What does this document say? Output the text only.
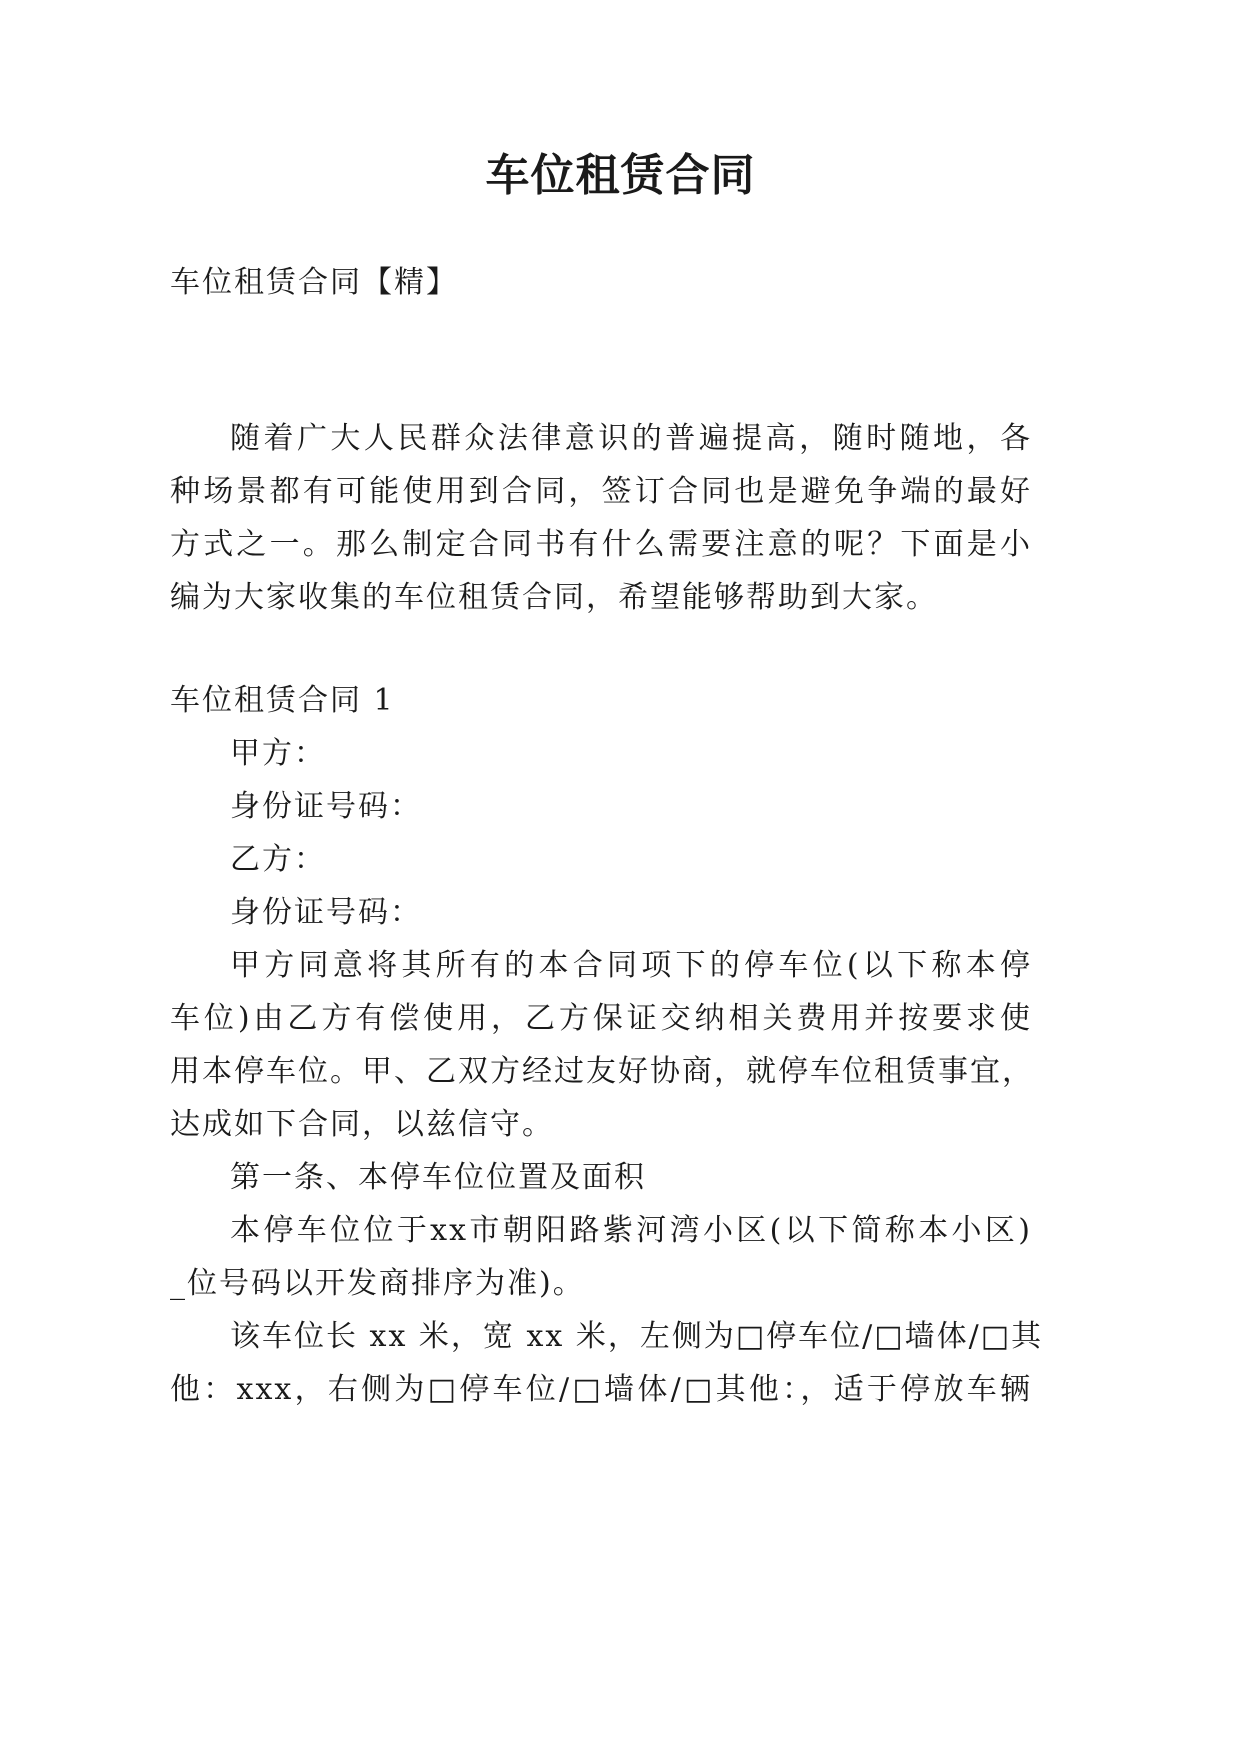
车位租赁合同
车位租赁合同【精】
随着广大人民群众法律意识的普遍提高，随时随地，各
种场景都有可能使用到合同，签订合同也是避免争端的最好
方式之一。那么制定合同书有什么需要注意的呢？下面是小
编为大家收集的车位租赁合同，希望能够帮助到大家。
车位租赁合同 1
甲方：
身份证号码：
乙方：
身份证号码：
甲方同意将其所有的本合同项下的停车位(以下称本停
车位)由乙方有偿使用，乙方保证交纳相关费用并按要求使
用本停车位。甲、乙双方经过友好协商，就停车位租赁事宜，
达成如下合同，以兹信守。
第一条、本停车位位置及面积
本停车位位于xx市朝阳路紫河湾小区(以下简称本小区)
_位号码以开发商排序为准)。
该车位长 xx 米，宽 xx 米，左侧为□停车位/□墙体/□其
他：xxx，右侧为□停车位/□墙体/□其他：，适于停放车辆
